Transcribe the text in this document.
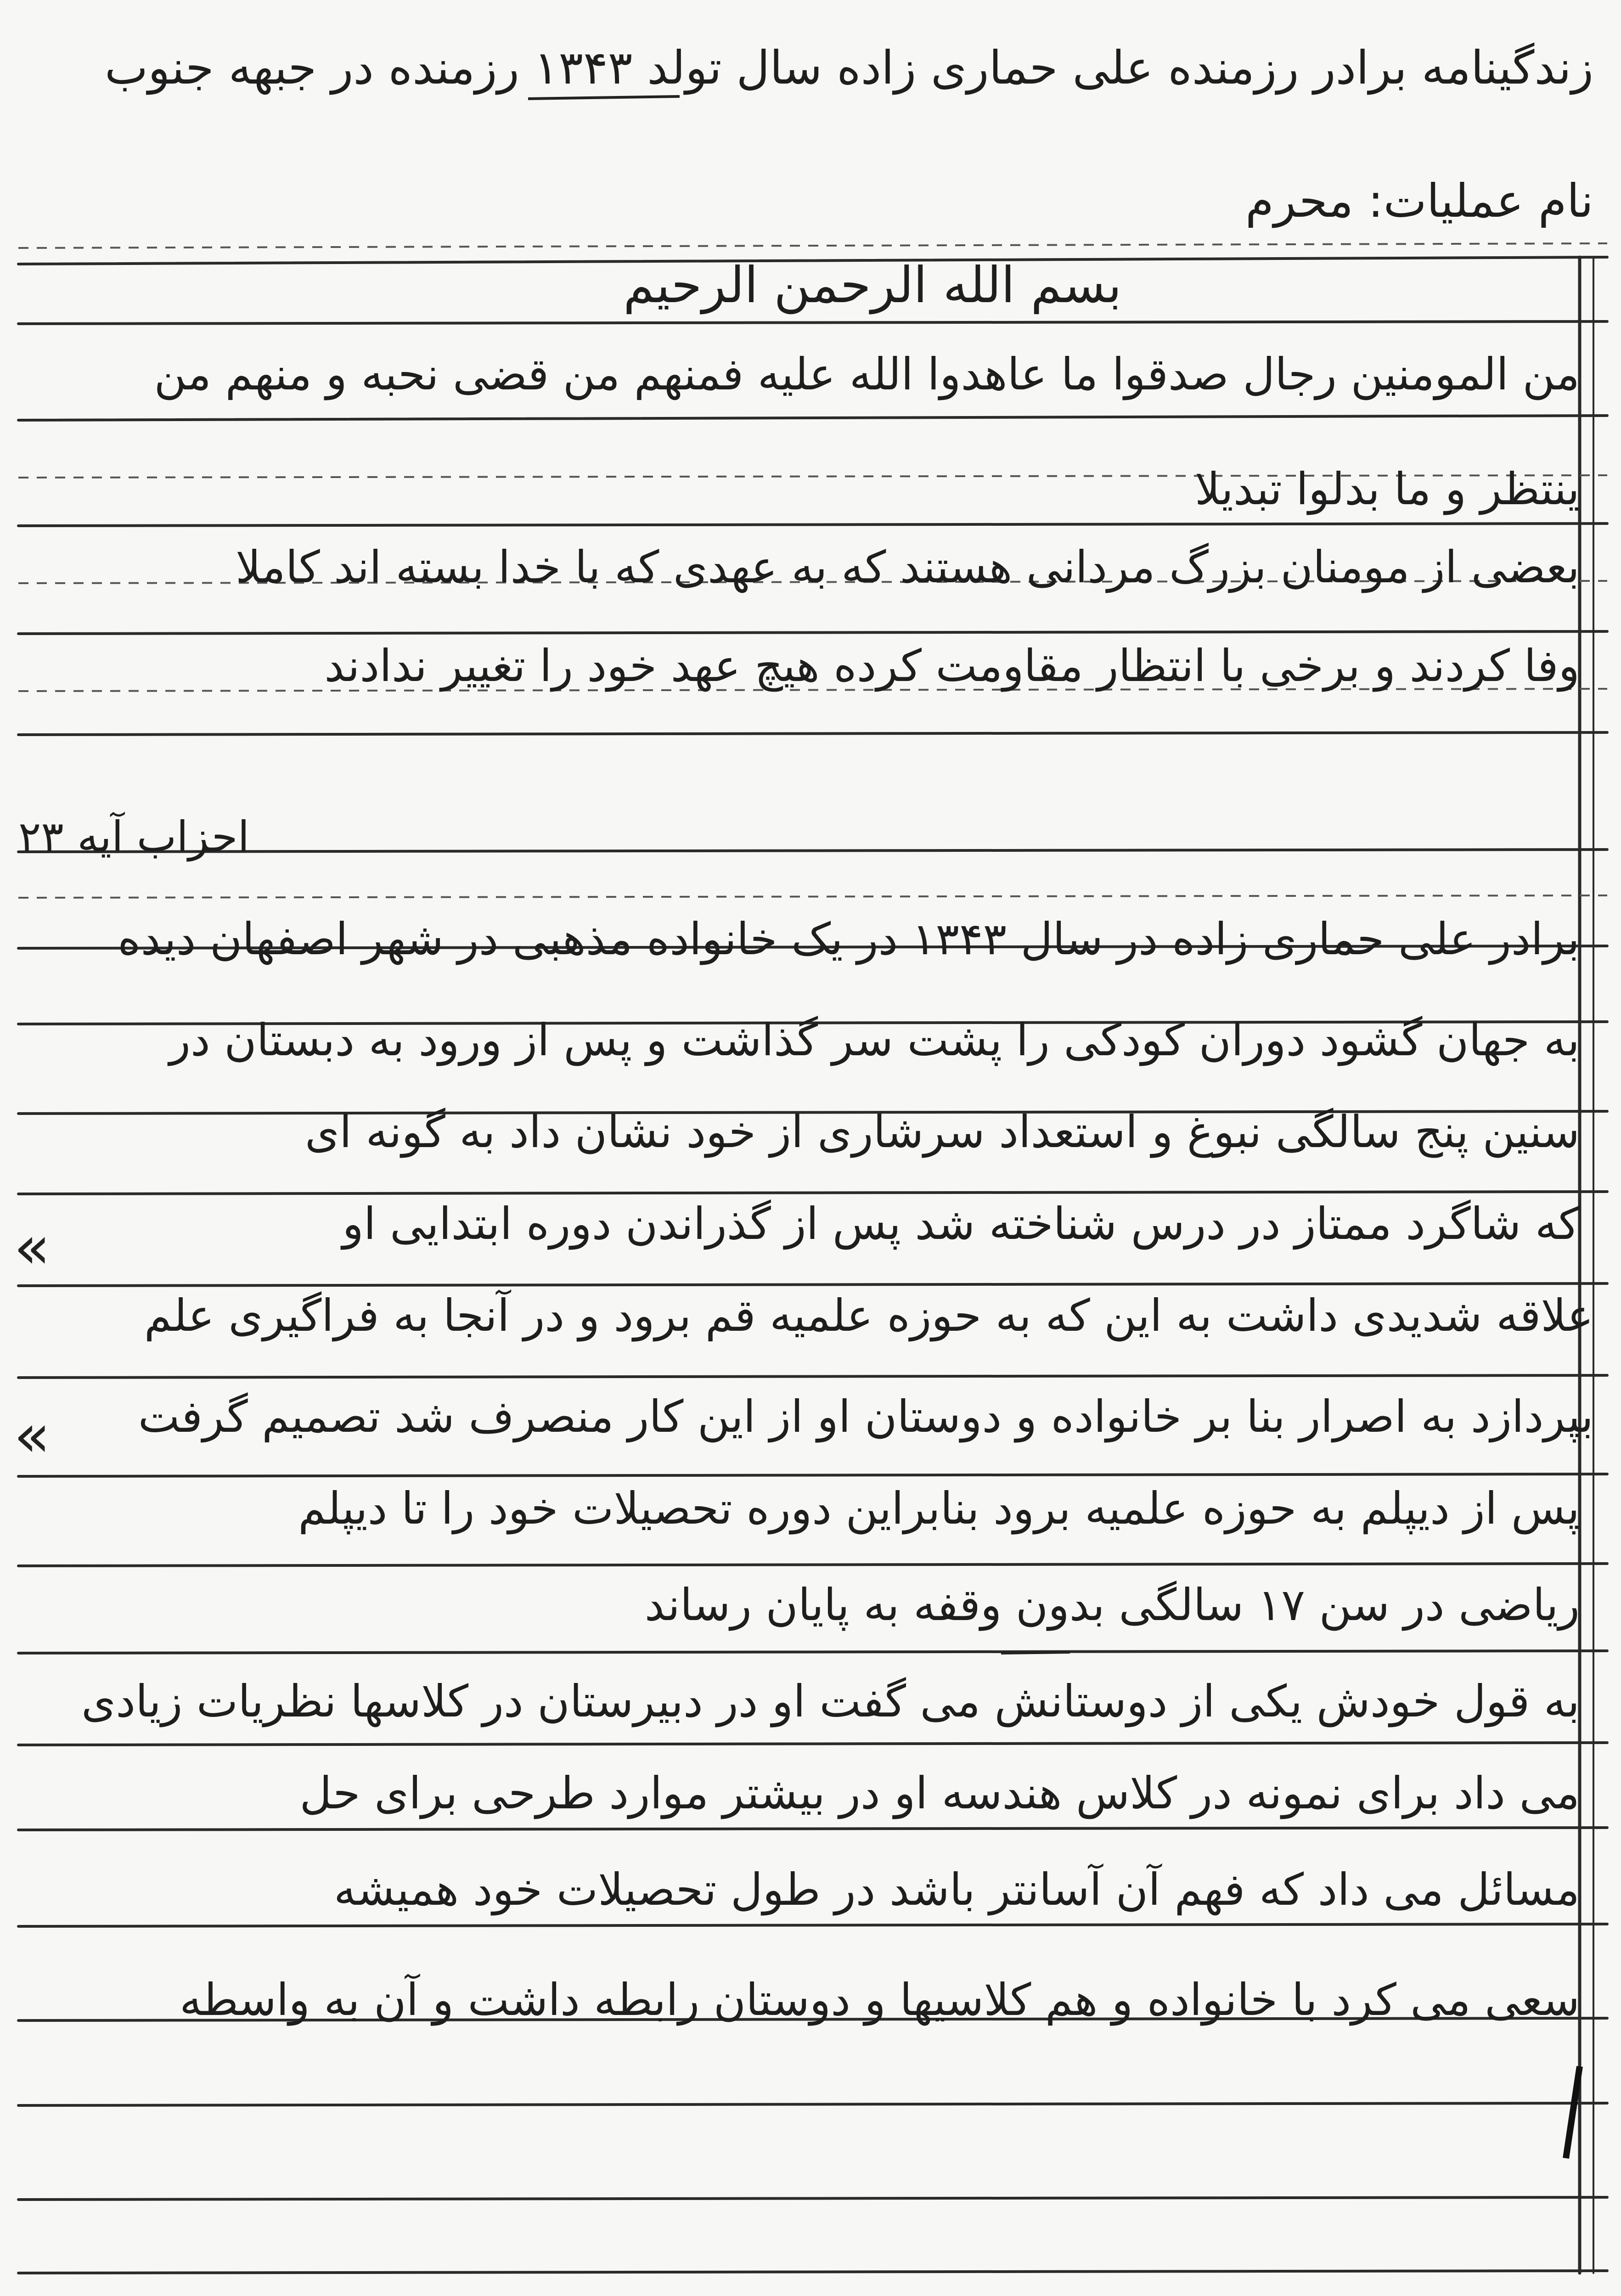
زندگینامه برادر رزمنده علی حماری زاده سال تولد ۱۳۴۳ رزمنده در جبهه جنوب
نام عملیات: محرم
بسم الله الرحمن الرحیم
من المومنین رجال صدقوا ما عاهدوا الله علیه فمنهم من قضی نحبه و منهم من
ینتظر و ما بدلوا تبدیلا
بعضی از مومنان بزرگ مردانی هستند که به عهدی که با خدا بسته اند کاملا
وفا کردند و برخی با انتظار مقاومت کرده هیچ عهد خود را تغییر ندادند
احزاب آیه ۲۳
برادر علی حماری زاده در سال ۱۳۴۳ در یک خانواده مذهبی در شهر اصفهان دیده
به جهان گشود دوران کودکی را پشت سر گذاشت و پس از ورود به دبستان در
سنین پنج سالگی نبوغ و استعداد سرشاری از خود نشان داد به گونه ای
که شاگرد ممتاز در درس شناخته شد پس از گذراندن دوره ابتدایی او
علاقه شدیدی داشت به این که به حوزه علمیه قم برود و در آنجا به فراگیری علم
بپردازد به اصرار بنا بر خانواده و دوستان او از این کار منصرف شد تصمیم گرفت
پس از دیپلم به حوزه علمیه برود بنابراین دوره تحصیلات خود را تا دیپلم
ریاضی در سن ۱۷ سالگی بدون وقفه به پایان رساند
به قول خودش یکی از دوستانش می گفت او در دبیرستان در کلاسها نظریات زیادی
می داد برای نمونه در کلاس هندسه او در بیشتر موارد طرحی برای حل
مسائل می داد که فهم آن آسانتر باشد در طول تحصیلات خود همیشه
سعی می کرد با خانواده و هم کلاسیها و دوستان رابطه داشت و آن به واسطه
«
«
